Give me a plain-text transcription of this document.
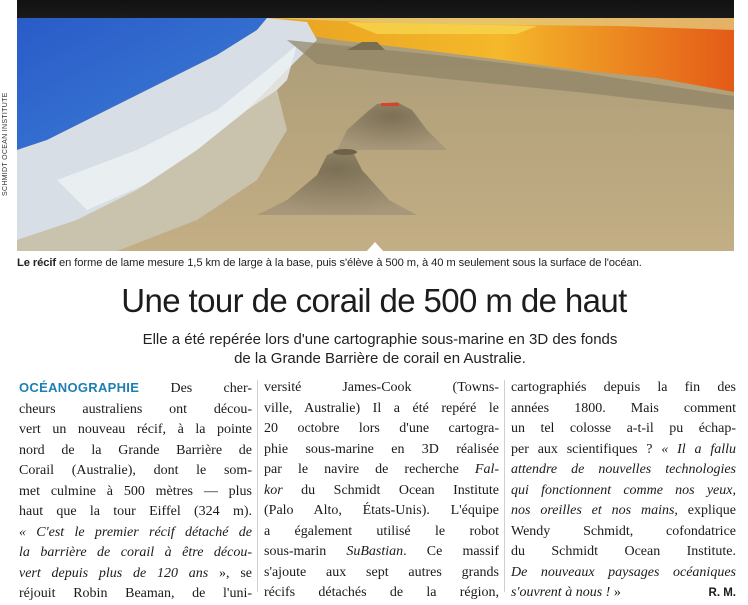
SCHMIDT OCEAN INSTITUTE
Le récif en forme de lame mesure 1,5 km de large à la base, puis s'élève à 500 m, à 40 m seulement sous la surface de l'océan.
Une tour de corail de 500 m de haut
Elle a été repérée lors d'une cartographie sous-marine en 3D des fonds
de la Grande Barrière de corail en Australie.
OCÉANOGRAPHIE Des cher-
cheurs australiens ont décou-
vert un nouveau récif, à la pointe
nord de la Grande Barrière de
Corail (Australie), dont le som-
met culmine à 500 mètres — plus
haut que la tour Eiffel (324 m).
« C'est le premier récif détaché de
la barrière de corail à être décou-
vert depuis plus de 120 ans », se
réjouit Robin Beaman, de l'uni-
versité James-Cook (Towns-
ville, Australie) Il a été repéré le
20 octobre lors d'une cartogra-
phie sous-marine en 3D réalisée
par le navire de recherche Fal-
kor du Schmidt Ocean Institute
(Palo Alto, États-Unis). L'équipe
a également utilisé le robot
sous-marin SuBastian. Ce massif
s'ajoute aux sept autres grands
récifs détachés de la région,
cartographiés depuis la fin des
années 1800. Mais comment
un tel colosse a-t-il pu échap-
per aux scientifiques ? « Il a fallu
attendre de nouvelles technologies
qui fonctionnent comme nos yeux,
nos oreilles et nos mains, explique
Wendy Schmidt, cofondatrice
du Schmidt Ocean Institute.
De nouveaux paysages océaniques
s'ouvrent à nous ! »	R. M.
